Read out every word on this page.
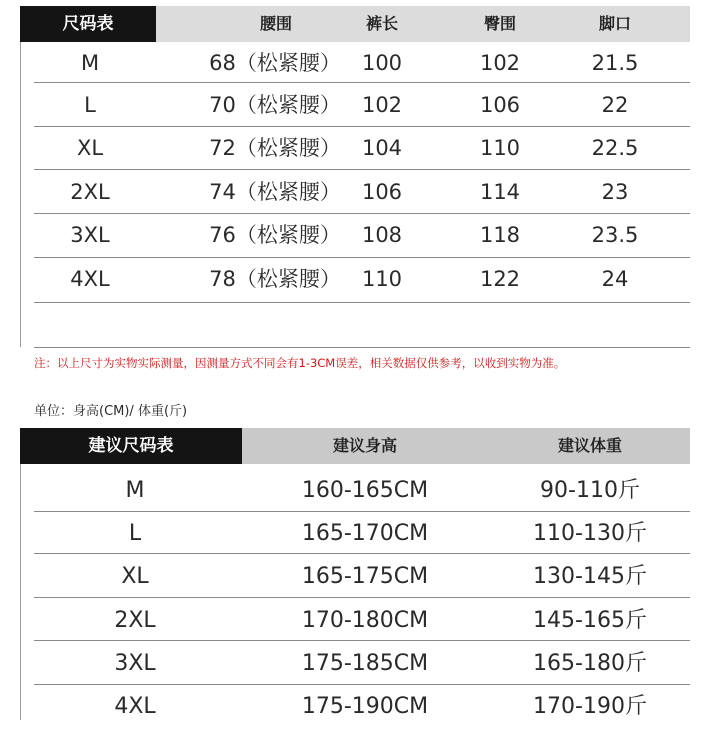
尺码表	腰围	裤长	臀围	脚口
M	68（松紧腰）	100	102	21.5
L	70（松紧腰）	102	106	22
XL	72（松紧腰）	104	110	22.5
2XL	74（松紧腰）	106	114	23
3XL	76（松紧腰）	108	118	23.5
4XL	78（松紧腰）	110	122	24
注：以上尺寸为实物实际测量，因测量方式不同会有1-3CM误差，相关数据仅供参考，以收到实物为准。
单位：身高(CM)/ 体重(斤)
建议尺码表	建议身高	建议体重
M	160-165CM	90-110斤
L	165-170CM	110-130斤
XL	165-175CM	130-145斤
2XL	170-180CM	145-165斤
3XL	175-185CM	165-180斤
4XL	175-190CM	170-190斤
